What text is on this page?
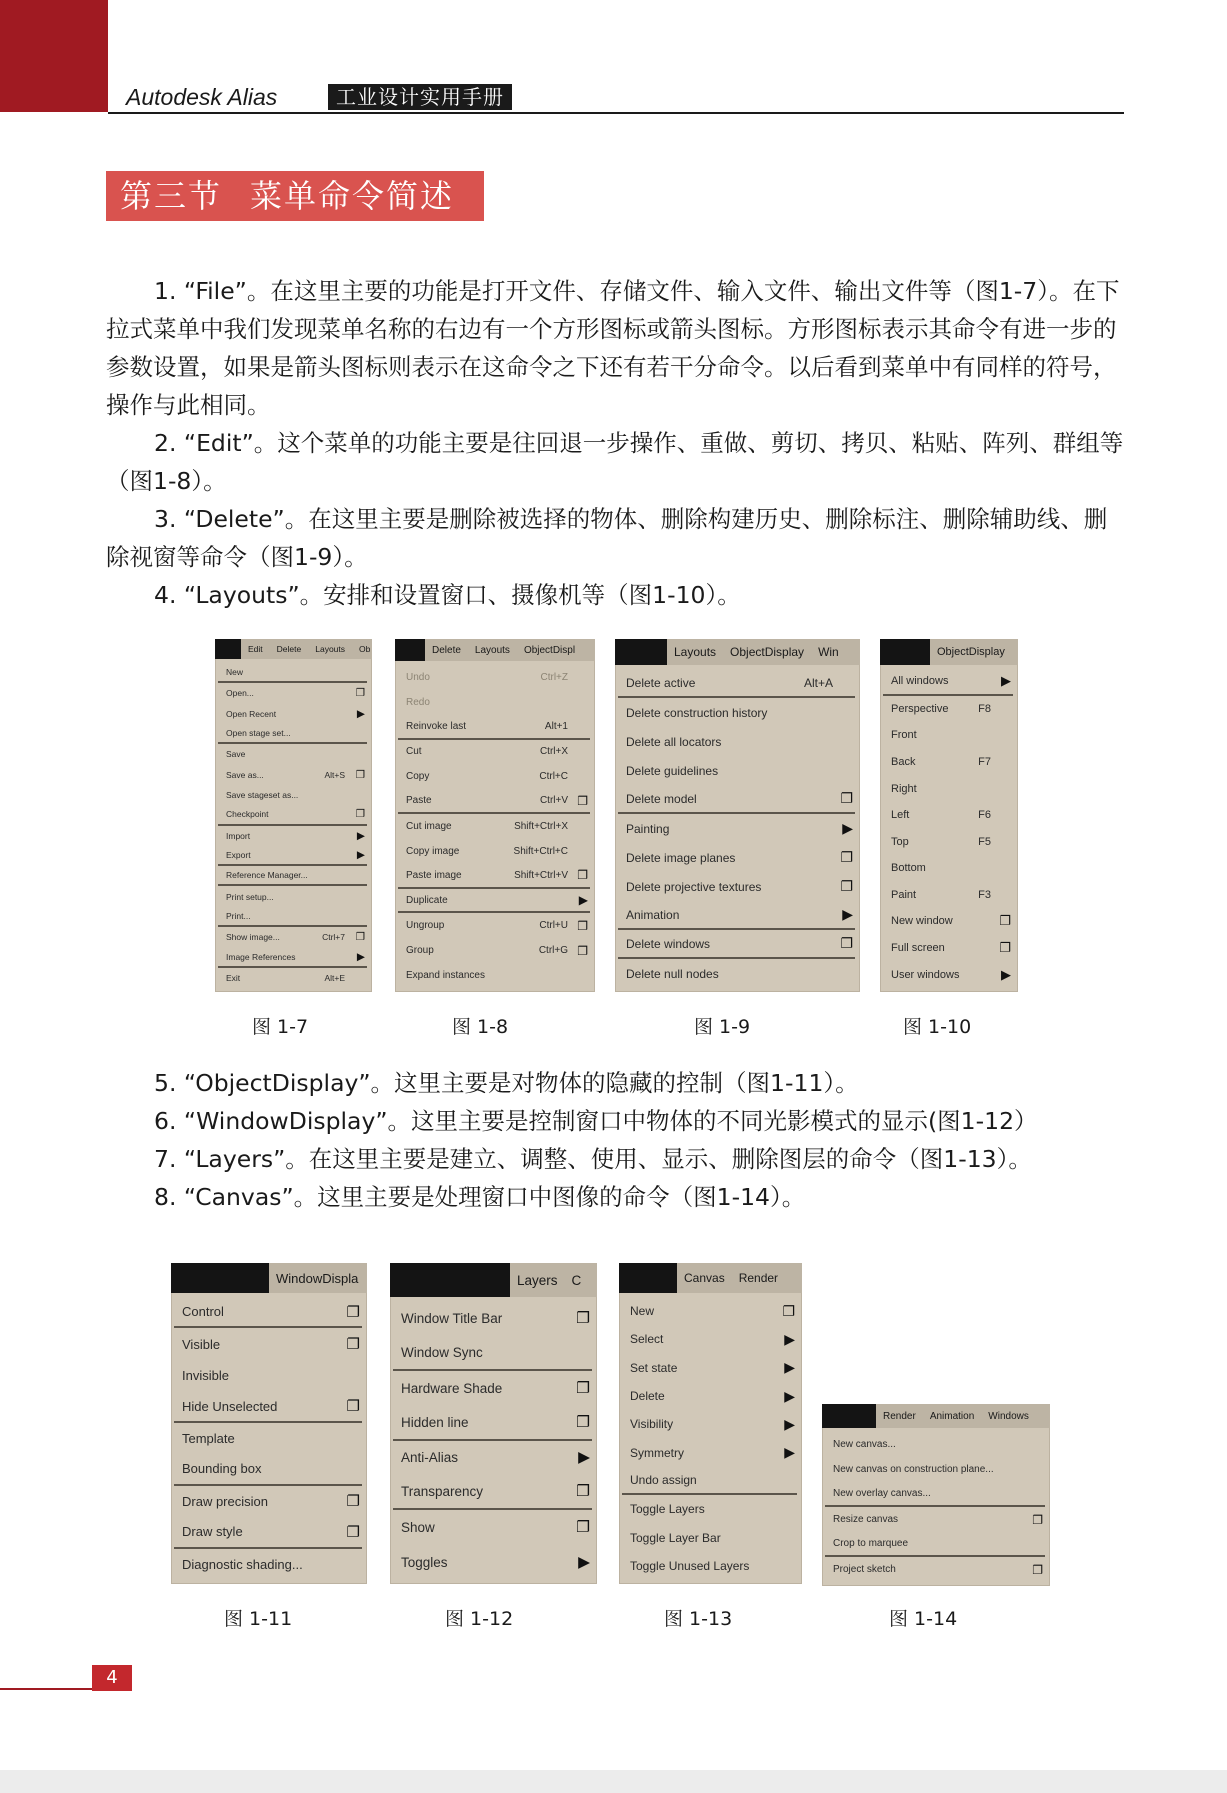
Autodesk Alias	工业设计实用手册
第三节 菜单命令简述
1. “File”。在这里主要的功能是打开文件、存储文件、输入文件、输出文件等（图1-7）。在下拉式菜单中我们发现菜单名称的右边有一个方形图标或箭头图标。方形图标表示其命令有进一步的参数设置，如果是箭头图标则表示在这命令之下还有若干分命令。以后看到菜单中有同样的符号，操作与此相同。
2. “Edit”。这个菜单的功能主要是往回退一步操作、重做、剪切、拷贝、粘贴、阵列、群组等（图1-8）。
3. “Delete”。在这里主要是删除被选择的物体、删除构建历史、删除标注、删除辅助线、删除视窗等命令（图1-9）。
4. “Layouts”。安排和设置窗口、摄像机等（图1-10）。
Edit	Delete	Layouts	Ob
New
Open...	❐
Open Recent	▶
Open stage set...
Save
Save as...	Alt+S ❐
Save stageset as...
Checkpoint	❐
Import	▶
Export	▶
Reference Manager...
Print setup...
Print...
Show image...	Ctrl+7 ❐
Image References	▶
Exit	Alt+E
Delete	Layouts	ObjectDispl
Undo	Ctrl+Z
Redo
Reinvoke last	Alt+1
Cut	Ctrl+X
Copy	Ctrl+C
Paste	Ctrl+V ❐
Cut image	Shift+Ctrl+X
Copy image	Shift+Ctrl+C
Paste image	Shift+Ctrl+V ❐
Duplicate	▶
Ungroup	Ctrl+U ❐
Group	Ctrl+G ❐
Expand instances
Layouts	ObjectDisplay	Win
Delete active	Alt+A
Delete construction history
Delete all locators
Delete guidelines
Delete model	❐
Painting	▶
Delete image planes	❐
Delete projective textures	❐
Animation	▶
Delete windows	❐
Delete null nodes
ObjectDisplay
All windows	▶
Perspective	F8
Front
Back	F7
Right
Left	F6
Top	F5
Bottom
Paint	F3
New window	❐
Full screen	❐
User windows	▶
图 1-7	图 1-8	图 1-9	图 1-10
5. “ObjectDisplay”。这里主要是对物体的隐藏的控制（图1-11）。
6. “WindowDisplay”。这里主要是控制窗口中物体的不同光影模式的显示(图1-12）
7. “Layers”。在这里主要是建立、调整、使用、显示、删除图层的命令（图1-13）。
8. “Canvas”。这里主要是处理窗口中图像的命令（图1-14）。
WindowDispla
Control	❐
Visible	❐
Invisible
Hide Unselected	❐
Template
Bounding box
Draw precision	❐
Draw style	❐
Diagnostic shading...
Layers	C
Window Title Bar	❐
Window Sync
Hardware Shade	❐
Hidden line	❐
Anti-Alias	▶
Transparency	❐
Show	❐
Toggles	▶
Canvas	Render
New	❐
Select	▶
Set state	▶
Delete	▶
Visibility	▶
Symmetry	▶
Undo assign
Toggle Layers
Toggle Layer Bar
Toggle Unused Layers
Render	Animation	Windows
New canvas...
New canvas on construction plane...
New overlay canvas...
Resize canvas	❐
Crop to marquee
Project sketch	❐
图 1-11	图 1-12	图 1-13	图 1-14
4
